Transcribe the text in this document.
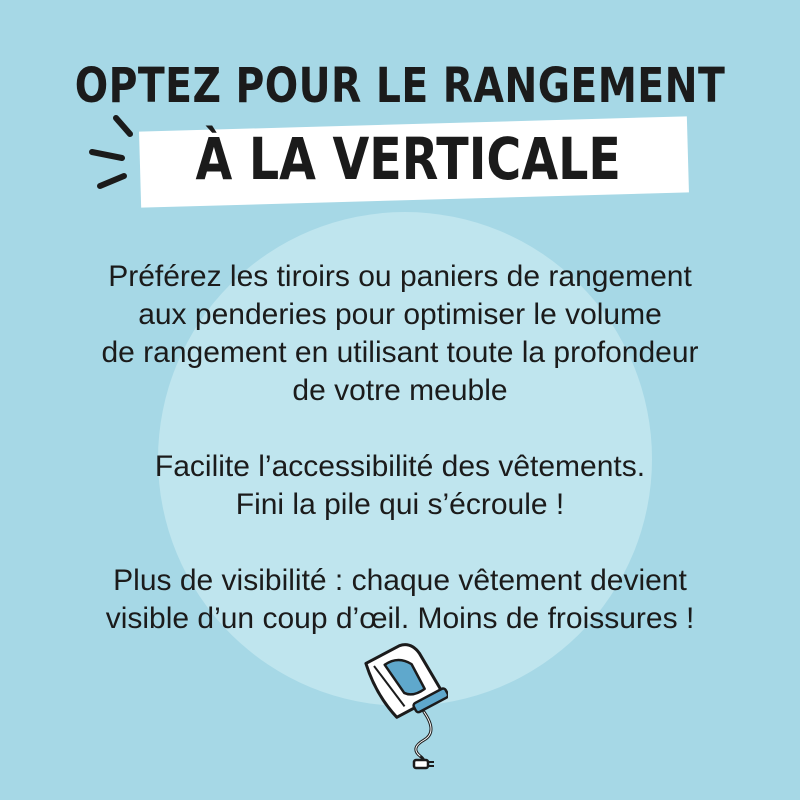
OPTEZ POUR LE RANGEMENT
À LA VERTICALE

Préférez les tiroirs ou paniers de rangement
aux penderies pour optimiser le volume
de rangement en utilisant toute la profondeur
de votre meuble

Facilite l’accessibilité des vêtements.
Fini la pile qui s’écroule !

Plus de visibilité : chaque vêtement devient
visible d’un coup d’œil. Moins de froissures !
